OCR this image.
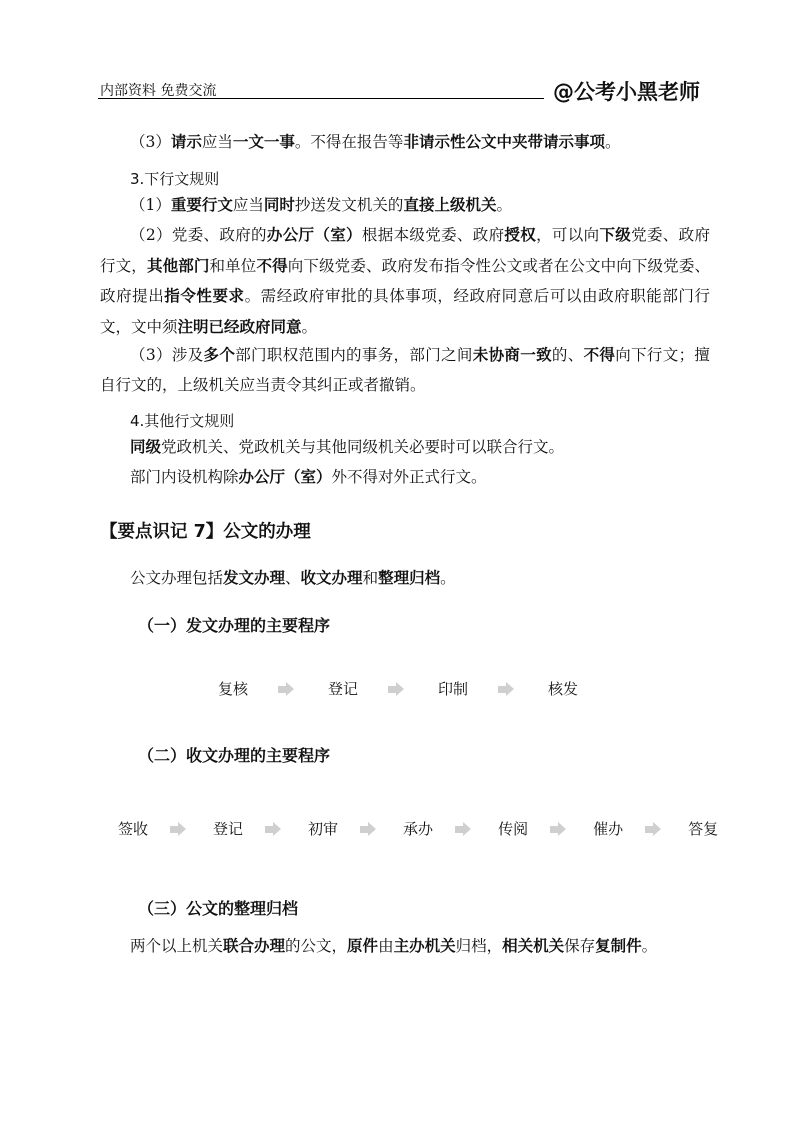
内部资料 免费交流	@公考小黑老师
（3）请示应当一文一事。不得在报告等非请示性公文中夹带请示事项。
3.下行文规则
（1）重要行文应当同时抄送发文机关的直接上级机关。
（2）党委、政府的办公厅（室）根据本级党委、政府授权，可以向下级党委、政府行文，其他部门和单位不得向下级党委、政府发布指令性公文或者在公文中向下级党委、政府提出指令性要求。需经政府审批的具体事项，经政府同意后可以由政府职能部门行文，文中须注明已经政府同意。
（3）涉及多个部门职权范围内的事务，部门之间未协商一致的、不得向下行文；擅自行文的，上级机关应当责令其纠正或者撤销。
4.其他行文规则
同级党政机关、党政机关与其他同级机关必要时可以联合行文。
部门内设机构除办公厅（室）外不得对外正式行文。
【要点识记 7】公文的办理
公文办理包括发文办理、收文办理和整理归档。
（一）发文办理的主要程序
复核	登记	印制	核发
（二）收文办理的主要程序
签收	登记	初审	承办	传阅	催办	答复
（三）公文的整理归档
两个以上机关联合办理的公文，原件由主办机关归档，相关机关保存复制件。
